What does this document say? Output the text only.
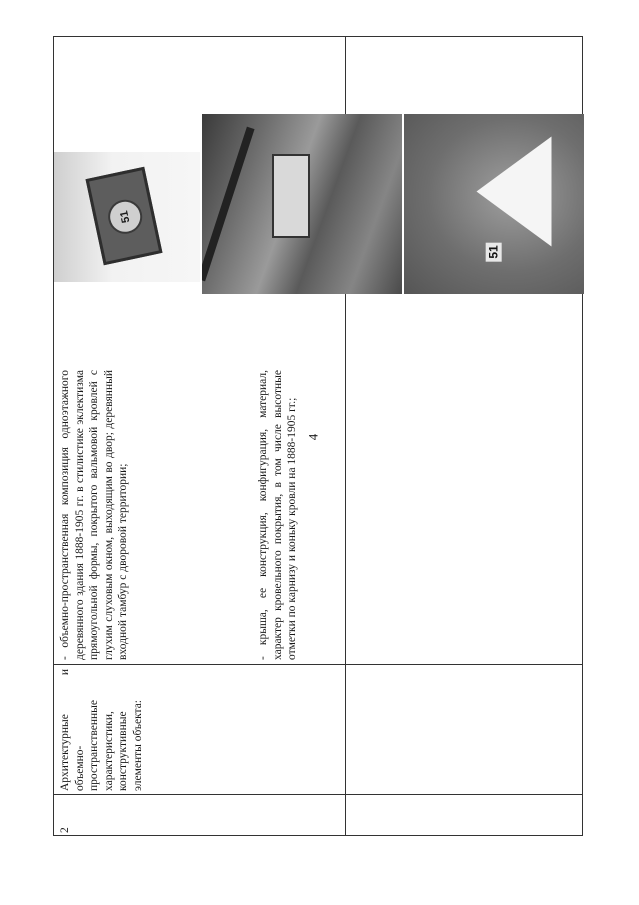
4
2
Архитектурные и объемно-пространственные характеристики, конструктивные элементы объекта:
- объемно-пространственная композиция одноэтажного деревянного здания 1888-1905 гг. в стилистике эклектизма прямоугольной формы, покрытого вальмовой кровлей с глухим слуховым окном, выходящим во двор; деревянный входной тамбур с дворовой территории;	- крыша, ее конструкция, конфигурация, материал, характер кровельного покрытия, в том числе высотные отметки по карнизу и коньку кровли на 1888-1905 гг.;
51
51
